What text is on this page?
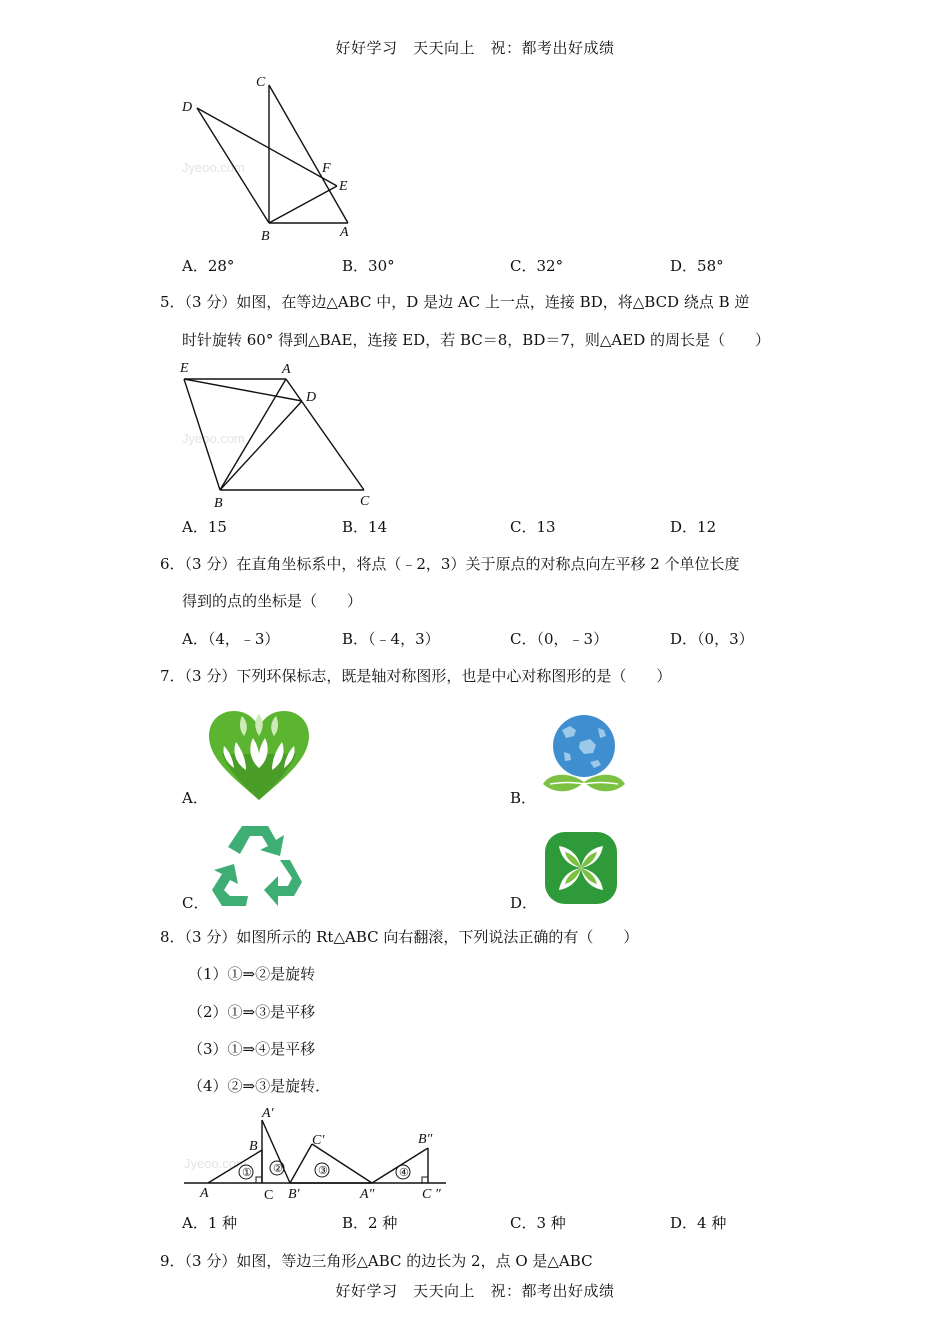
好好学习　天天向上　祝：都考出好成绩
Jyeoo.com
C
D
F
E
B	A
A．28°	B．30°	C．32°	D．58°
5．（3 分）如图，在等边△ABC 中，D 是边 AC 上一点，连接 BD，将△BCD 绕点 B 逆
时针旋转 60° 得到△BAE，连接 ED，若 BC＝8，BD＝7，则△AED 的周长是（　　）
Jyeoo.com
E	A
D
B	C
A．15	B．14	C．13	D．12
6．（3 分）在直角坐标系中，将点（﹣2，3）关于原点的对称点向左平移 2 个单位长度
得到的点的坐标是（　　）
A．（4，﹣3）	B．（﹣4，3）	C．（0，﹣3）	D．（0，3）
7．（3 分）下列环保标志，既是轴对称图形，也是中心对称图形的是（　　）
A．	B．
C．	D．
8．（3 分）如图所示的 Rt△ABC 向右翻滚，下列说法正确的有（　　）
（1）①⇒②是旋转
（2）①⇒③是平移
（3）①⇒④是平移
（4）②⇒③是旋转．
Jyeoo.com
① ②	③	④
A
B
C
A′
B′
C′
A″
B″
C ″
A．1 种	B．2 种	C．3 种	D．4 种
9．（3 分）如图，等边三角形△ABC 的边长为 2，点 O 是△ABC
好好学习　天天向上　祝：都考出好成绩
